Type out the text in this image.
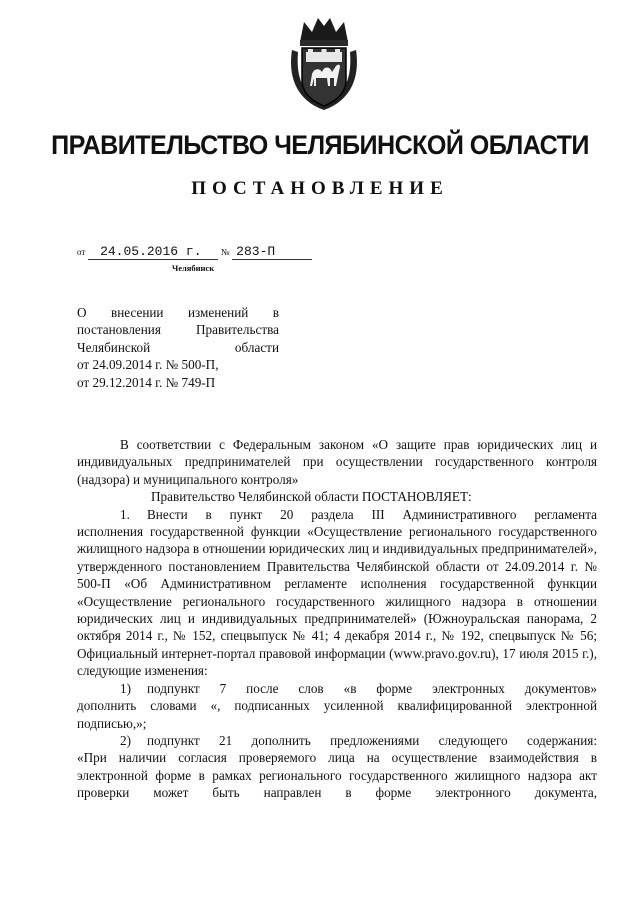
ПРАВИТЕЛЬСТВО ЧЕЛЯБИНСКОЙ ОБЛАСТИ
ПОСТАНОВЛЕНИЕ
от 24.05.2016 г. № 283-П
Челябинск
О внесении изменений в
постановления Правительства
Челябинской области
от 24.09.2014 г. № 500-П,
от 29.12.2014 г. № 749-П

В соответствии с Федеральным законом «О защите прав юридических лиц и индивидуальных предпринимателей при осуществлении государственного контроля (надзора) и муниципального контроля»

Правительство Челябинской области ПОСТАНОВЛЯЕТ:

1.	Внести в пункт 20 раздела III Административного регламента

исполнения государственной функции «Осуществление регионального государственного жилищного надзора в отношении юридических лиц и индивидуальных предпринимателей», утвержденного постановлением Правительства Челябинской области от 24.09.2014 г. № 500-П «Об Административном регламенте исполнения государственной функции «Осуществление регионального государственного жилищного надзора в отношении юридических лиц и индивидуальных предпринимателей» (Южноуральская панорама, 2 октября 2014 г., № 152, спецвыпуск № 41; 4 декабря 2014 г., № 192, спецвыпуск № 56; Официальный интернет-портал правовой информации (www.pravo.gov.ru), 17 июля 2015 г.), следующие изменения:

1)	подпункт 7 после слов «в форме электронных документов»

дополнить словами «, подписанных усиленной квалифицированной электронной подписью,»;

2)	подпункт 21 дополнить предложениями следующего содержания:

«При наличии согласия проверяемого лица на осуществление взаимодействия в электронной форме в рамках регионального государственного жилищного надзора акт проверки может быть направлен в форме электронного документа,
